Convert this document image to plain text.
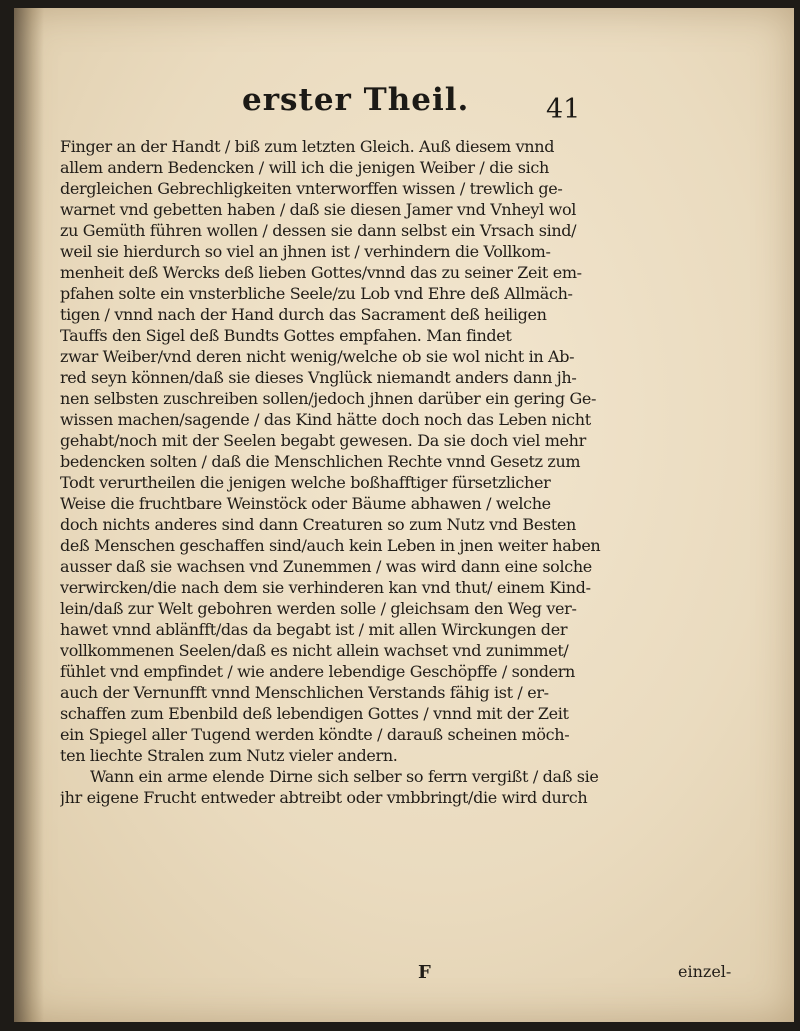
erster Theil.	41
Finger an der Handt / biß zum letzten Gleich. Auß diesem vnnd
allem andern Bedencken / will ich die jenigen Weiber / die sich
dergleichen Gebrechligkeiten vnterworffen wissen / trewlich ge-
warnet vnd gebetten haben / daß sie diesen Jamer vnd Vnheyl wol
zu Gemüth führen wollen / dessen sie dann selbst ein Vrsach sind/
weil sie hierdurch so viel an jhnen ist / verhindern die Vollkom-
menheit deß Wercks deß lieben Gottes/vnnd das zu seiner Zeit em-
pfahen solte ein vnsterbliche Seele/zu Lob vnd Ehre deß Allmäch-
tigen / vnnd nach der Hand durch das Sacrament deß heiligen
Tauffs den Sigel deß Bundts Gottes empfahen. Man findet
zwar Weiber/vnd deren nicht wenig/welche ob sie wol nicht in Ab-
red seyn können/daß sie dieses Vnglück niemandt anders dann jh-
nen selbsten zuschreiben sollen/jedoch jhnen darüber ein gering Ge-
wissen machen/sagende / das Kind hätte doch noch das Leben nicht
gehabt/noch mit der Seelen begabt gewesen. Da sie doch viel mehr
bedencken solten / daß die Menschlichen Rechte vnnd Gesetz zum
Todt verurtheilen die jenigen welche boßhafftiger fürsetzlicher
Weise die fruchtbare Weinstöck oder Bäume abhawen / welche
doch nichts anderes sind dann Creaturen so zum Nutz vnd Besten
deß Menschen geschaffen sind/auch kein Leben in jnen weiter haben
ausser daß sie wachsen vnd Zunemmen / was wird dann eine solche
verwircken/die nach dem sie verhinderen kan vnd thut/ einem Kind-
lein/daß zur Welt gebohren werden solle / gleichsam den Weg ver-
hawet vnnd ablänfft/das da begabt ist / mit allen Wirckungen der
vollkommenen Seelen/daß es nicht allein wachset vnd zunimmet/
fühlet vnd empfindet / wie andere lebendige Geschöpffe / sondern
auch der Vernunfft vnnd Menschlichen Verstands fähig ist / er-
schaffen zum Ebenbild deß lebendigen Gottes / vnnd mit der Zeit
ein Spiegel aller Tugend werden köndte / darauß scheinen möch-
ten liechte Stralen zum Nutz vieler andern.
Wann ein arme elende Dirne sich selber so ferrn vergißt / daß sie
jhr eigene Frucht entweder abtreibt oder vmbbringt/die wird durch
F	einzel-
